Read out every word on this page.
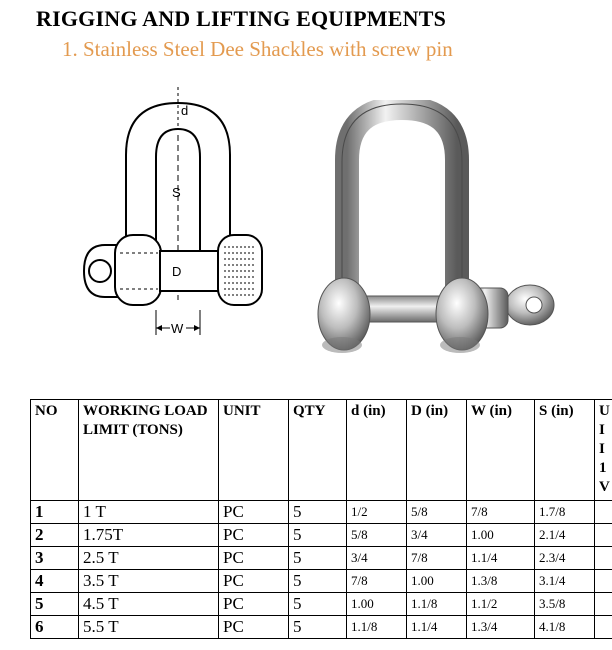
RIGGING AND LIFTING EQUIPMENTS
1. Stainless Steel Dee Shackles with screw pin
d
S
D
W
NO	WORKING LOAD LIMIT (TONS)	UNIT	QTY	d (in)	D (in)	W (in)	S (in)	U
I
I
1
V

1	1 T	PC	5	1/2	5/8	7/8	1.7/8	
2	1.75T	PC	5	5/8	3/4	1.00	2.1/4	
3	2.5 T	PC	5	3/4	7/8	1.1/4	2.3/4	
4	3.5 T	PC	5	7/8	1.00	1.3/8	3.1/4	
5	4.5 T	PC	5	1.00	1.1/8	1.1/2	3.5/8	
6	5.5 T	PC	5	1.1/8	1.1/4	1.3/4	4.1/8	
